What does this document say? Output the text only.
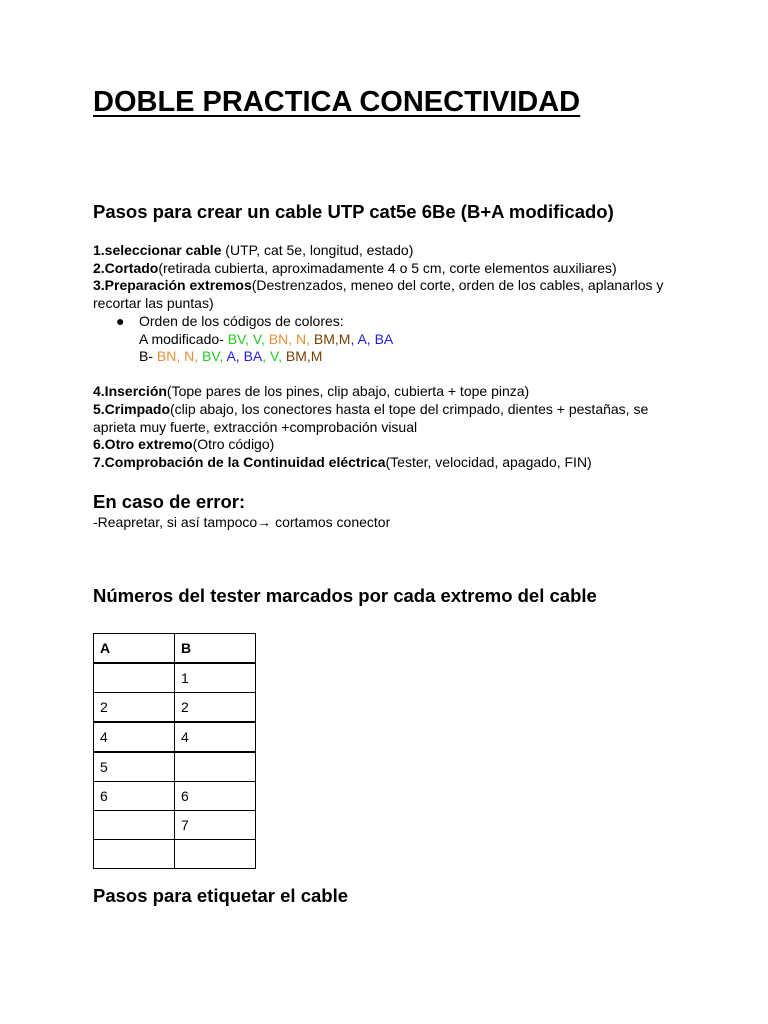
DOBLE PRACTICA CONECTIVIDAD
Pasos para crear un cable UTP cat5e 6Be (B+A modificado)
1.seleccionar cable (UTP, cat 5e, longitud, estado)
2.Cortado(retirada cubierta, aproximadamente 4 o 5 cm, corte elementos auxiliares)
3.Preparación extremos(Destrenzados, meneo del corte, orden de los cables, aplanarlos y recortar las puntas)
● Orden de los códigos de colores:
A modificado- BV, V, BN, N, BM,M, A, BA
B- BN, N, BV, A, BA, V, BM,M
4.Inserción(Tope pares de los pines, clip abajo, cubierta + tope pinza)
5.Crimpado(clip abajo, los conectores hasta el tope del crimpado, dientes + pestañas, se aprieta muy fuerte, extracción +comprobación visual
6.Otro extremo(Otro código)
7.Comprobación de la Continuidad eléctrica(Tester, velocidad, apagado, FIN)
En caso de error:
-Reapretar, si así tampoco→ cortamos conector
Números del tester marcados por cada extremo del cable
A	B
	1
2	2
4	4
5	
6	6
	7

Pasos para etiquetar el cable
